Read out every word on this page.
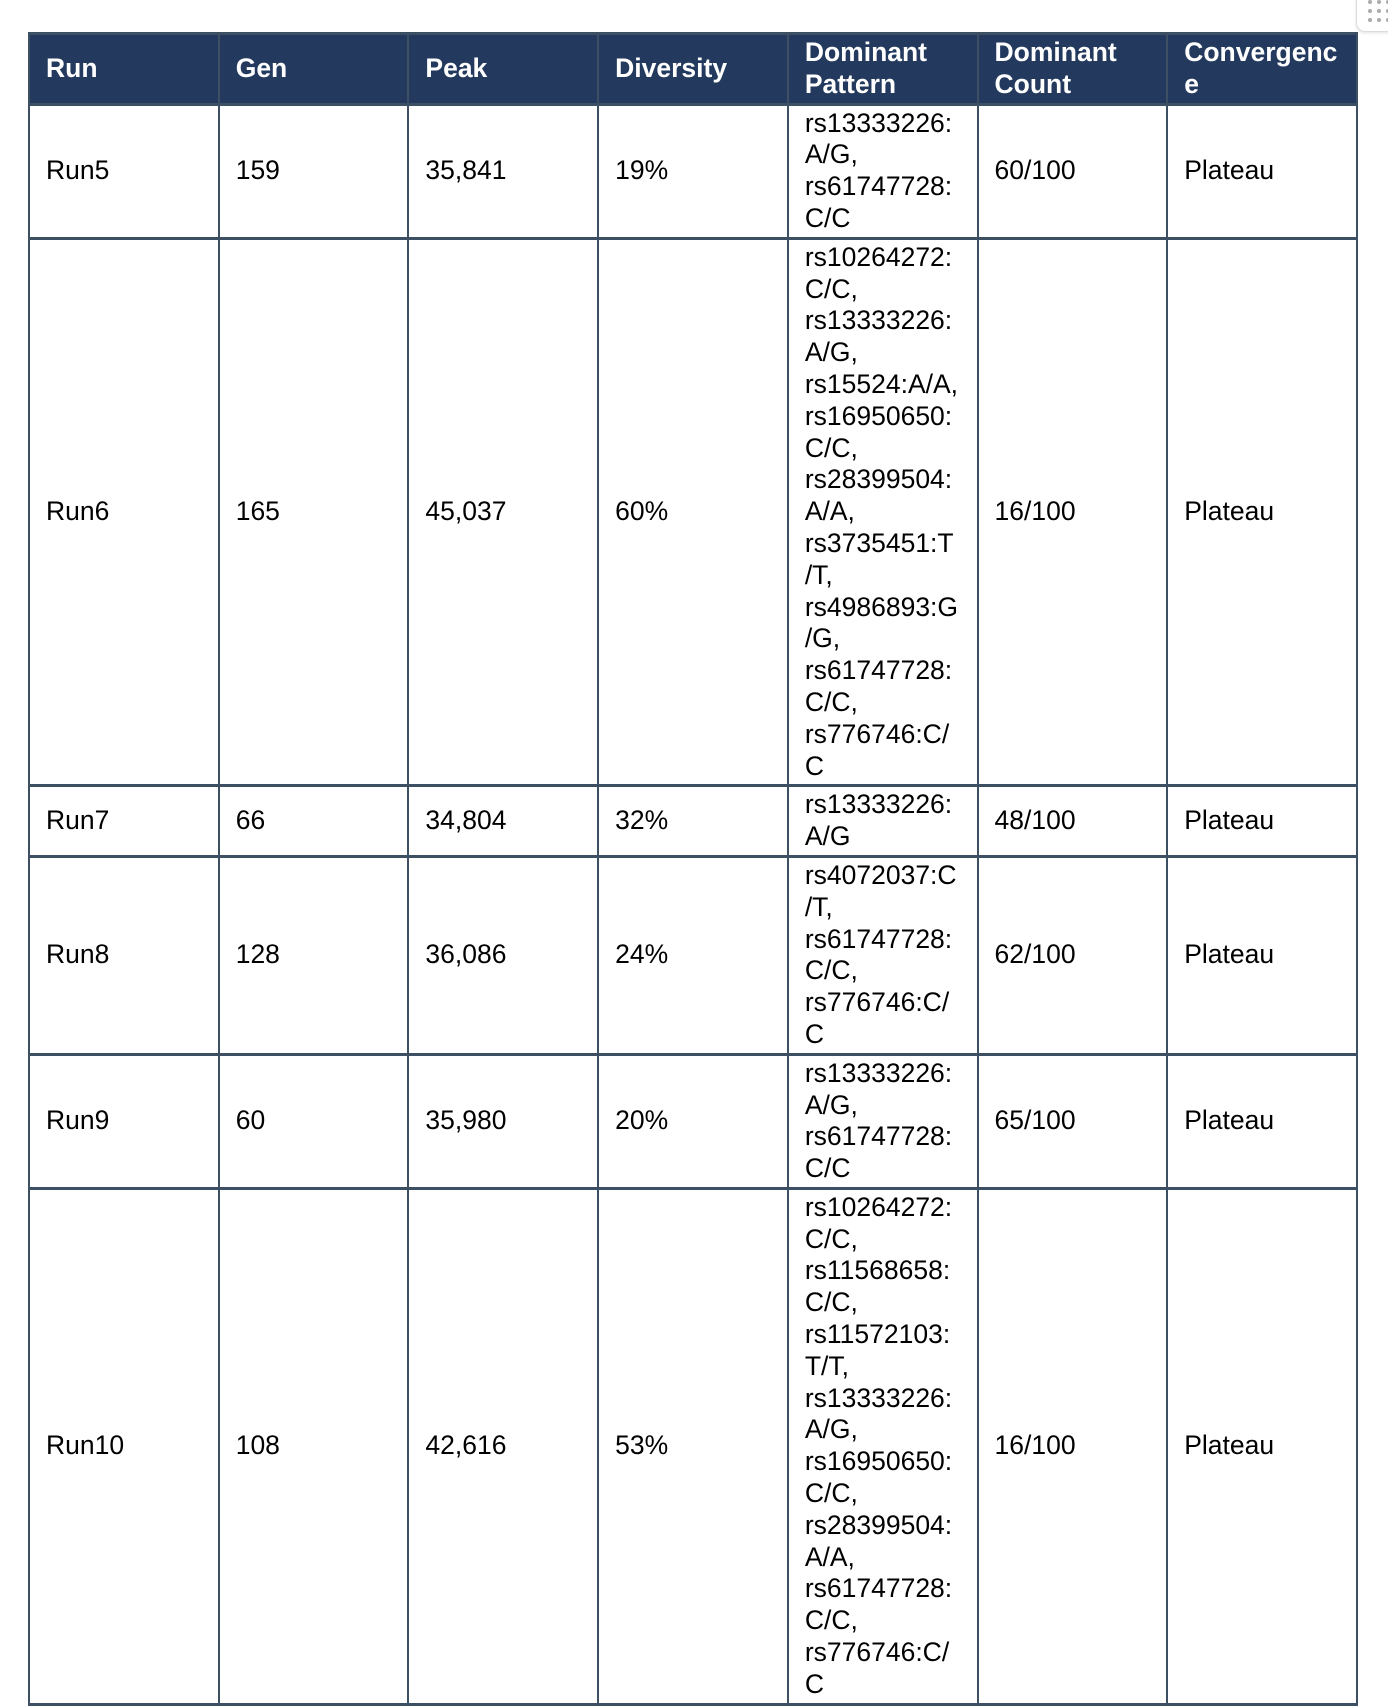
Run	Gen	Peak	Diversity	Dominant Pattern	Dominant Count	Convergence
Run5	159	35,841	19%	rs13333226:A/G, rs61747728:C/C	60/100	Plateau
Run6	165	45,037	60%	rs10264272:C/C, rs13333226:A/G, rs15524:A/A, rs16950650:C/C, rs28399504:A/A, rs3735451:T/T, rs4986893:G/G, rs61747728:C/C, rs776746:C/C	16/100	Plateau
Run7	66	34,804	32%	rs13333226:A/G	48/100	Plateau
Run8	128	36,086	24%	rs4072037:C/T, rs61747728:C/C, rs776746:C/C	62/100	Plateau
Run9	60	35,980	20%	rs13333226:A/G, rs61747728:C/C	65/100	Plateau
Run10	108	42,616	53%	rs10264272:C/C, rs11568658:C/C, rs11572103:T/T, rs13333226:A/G, rs16950650:C/C, rs28399504:A/A, rs61747728:C/C, rs776746:C/C	16/100	Plateau
